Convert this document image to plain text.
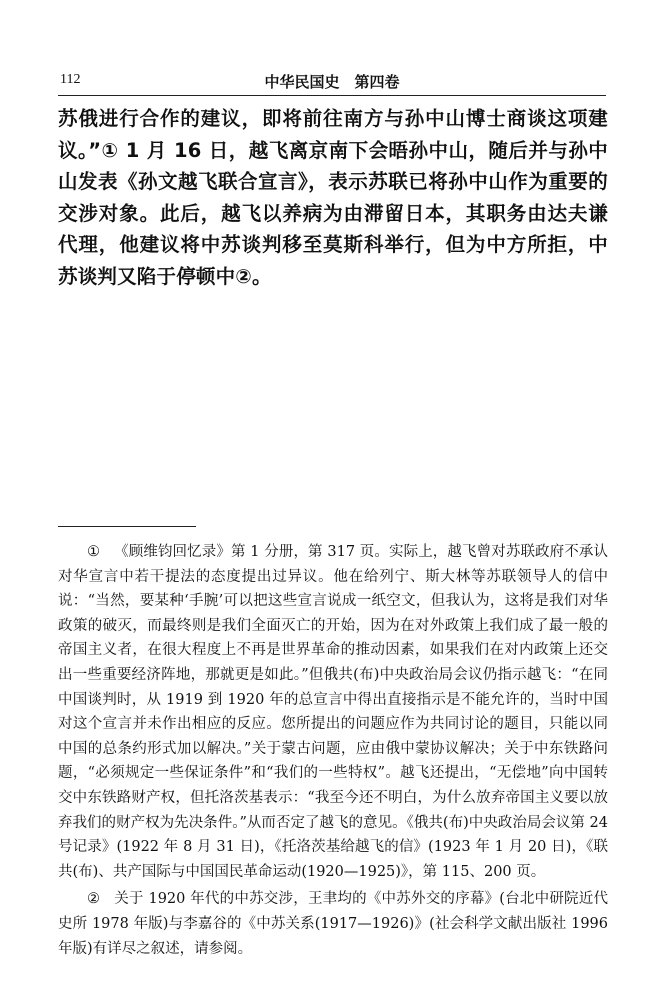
112	中华民国史　第四卷

苏俄进行合作的建议，即将前往南方与孙中山博士商谈这项建议。”① 1 月 16 日，越飞离京南下会晤孙中山，随后并与孙中山发表《孙文越飞联合宣言》，表示苏联已将孙中山作为重要的交涉对象。此后，越飞以养病为由滞留日本，其职务由达夫谦代理，他建议将中苏谈判移至莫斯科举行，但为中方所拒，中苏谈判又陷于停顿中②。

① 《顾维钧回忆录》第 1 分册，第 317 页。实际上，越飞曾对苏联政府不承认对华宣言中若干提法的态度提出过异议。他在给列宁、斯大林等苏联领导人的信中说：“当然，要某种‘手腕’可以把这些宣言说成一纸空文，但我认为，这将是我们对华政策的破灭，而最终则是我们全面灭亡的开始，因为在对外政策上我们成了最一般的帝国主义者，在很大程度上不再是世界革命的推动因素，如果我们在对内政策上还交出一些重要经济阵地，那就更是如此。”但俄共(布)中央政治局会议仍指示越飞：“在同中国谈判时，从 1919 到 1920 年的总宣言中得出直接指示是不能允许的，当时中国对这个宣言并未作出相应的反应。您所提出的问题应作为共同讨论的题目，只能以同中国的总条约形式加以解决。”关于蒙古问题，应由俄中蒙协议解决；关于中东铁路问题，“必须规定一些保证条件”和“我们的一些特权”。越飞还提出，“无偿地”向中国转交中东铁路财产权，但托洛茨基表示：“我至今还不明白，为什么放弃帝国主义要以放弃我们的财产权为先决条件。”从而否定了越飞的意见。《俄共(布)中央政治局会议第 24 号记录》(1922 年 8 月 31 日)，《托洛茨基给越飞的信》(1923 年 1 月 20 日)，《联共(布)、共产国际与中国国民革命运动(1920—1925)》，第 115、200 页。

② 关于 1920 年代的中苏交涉，王聿均的《中苏外交的序幕》(台北中研院近代史所 1978 年版)与李嘉谷的《中苏关系(1917—1926)》(社会科学文献出版社 1996 年版)有详尽之叙述，请参阅。
